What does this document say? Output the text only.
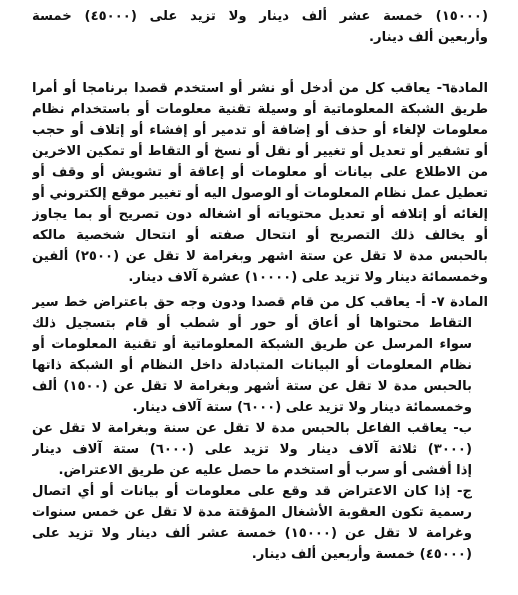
(١٥٠٠٠) خمسة عشر ألف دينار ولا تزيد على (٤٥٠٠٠) خمسة
وأربعين ألف دينار.
المادة٦- يعاقب كل من أدخل أو نشر أو استخدم قصدا برنامجا أو أمرا
طريق الشبكة المعلوماتية أو وسيلة تقنية معلومات أو باستخدام نظام
معلومات لإلغاء أو حذف أو إضافة أو تدمير أو إفشاء أو إتلاف أو حجب
أو تشفير أو تعديل أو تغيير أو نقل أو نسخ أو التقاط أو تمكين الاخرين
من الاطلاع على بيانات أو معلومات أو إعاقة أو تشويش أو وقف أو
تعطيل عمل نظام المعلومات أو الوصول اليه أو تغيير موقع إلكتروني أو
إلغائه أو إتلافه أو تعديل محتوياته أو اشغاله دون تصريح أو بما يجاوز
أو يخالف ذلك التصريح أو انتحال صفته أو انتحال شخصية مالكه
بالحبس مدة لا تقل عن ستة اشهر وبغرامة لا تقل عن (٢٥٠٠) ألفين
وخمسمائة دينار ولا تزيد على (١٠٠٠٠) عشرة آلاف دينار.
المادة ٧- أ- يعاقب كل من قام قصدا ودون وجه حق باعتراض خط سير
التقاط محتواها أو أعاق أو حور أو شطب أو قام بتسجيل ذلك
سواء المرسل عن طريق الشبكة المعلوماتية أو تقنية المعلومات أو
نظام المعلومات أو البيانات المتبادلة داخل النظام أو الشبكة ذاتها
بالحبس مدة لا تقل عن ستة أشهر وبغرامة لا تقل عن (١٥٠٠) ألف
وخمسمائة دينار ولا تزيد على (٦٠٠٠) ستة آلاف دينار.
ب- يعاقب الفاعل بالحبس مدة لا تقل عن سنة وبغرامة لا تقل عن
(٣٠٠٠) ثلاثة آلاف دينار ولا تزيد على (٦٠٠٠) ستة آلاف دينار
إذا أفشى أو سرب أو استخدم ما حصل عليه عن طريق الاعتراض.
ج- إذا كان الاعتراض قد وقع على معلومات أو بيانات أو أي اتصال
رسمية تكون العقوبة الأشغال المؤقتة مدة لا تقل عن خمس سنوات
وغرامة لا تقل عن (١٥٠٠٠) خمسة عشر ألف دينار ولا تزيد على
(٤٥٠٠٠) خمسة وأربعين ألف دينار.
